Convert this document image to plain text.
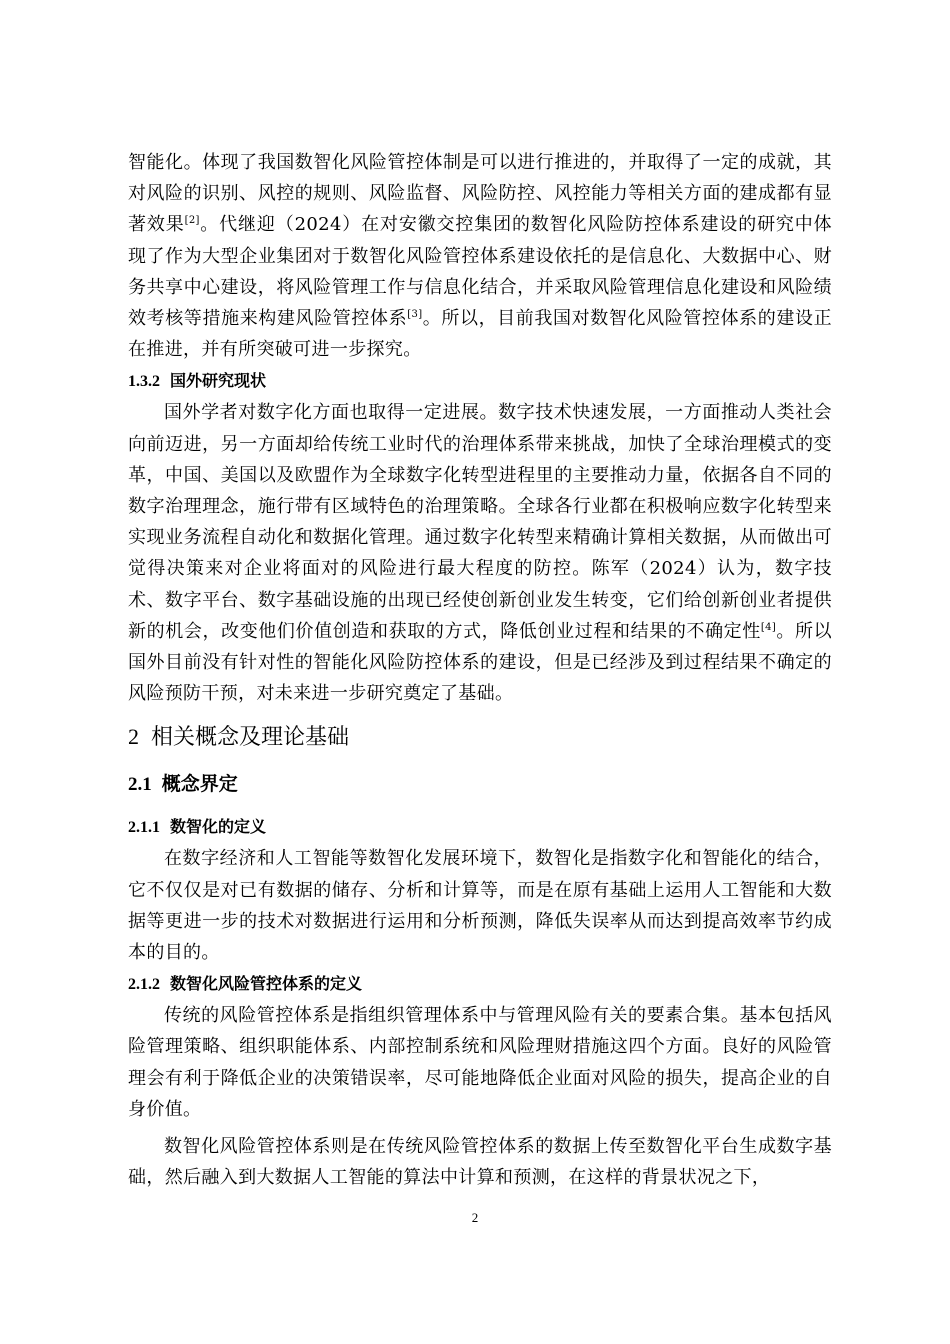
智能化。体现了我国数智化风险管控体制是可以进行推进的，并取得了一定的成就，其对风险的识别、风控的规则、风险监督、风险防控、风控能力等相关方面的建成都有显著效果[2]。代继迎（2024）在对安徽交控集团的数智化风险防控体系建设的研究中体现了作为大型企业集团对于数智化风险管控体系建设依托的是信息化、大数据中心、财务共享中心建设，将风险管理工作与信息化结合，并采取风险管理信息化建设和风险绩效考核等措施来构建风险管控体系[3]。所以，目前我国对数智化风险管控体系的建设正在推进，并有所突破可进一步探究。

1.3.2 国外研究现状

国外学者对数字化方面也取得一定进展。数字技术快速发展，一方面推动人类社会向前迈进，另一方面却给传统工业时代的治理体系带来挑战，加快了全球治理模式的变革，中国、美国以及欧盟作为全球数字化转型进程里的主要推动力量，依据各自不同的数字治理理念，施行带有区域特色的治理策略。全球各行业都在积极响应数字化转型来实现业务流程自动化和数据化管理。通过数字化转型来精确计算相关数据，从而做出可觉得决策来对企业将面对的风险进行最大程度的防控。陈军（2024）认为，数字技术、数字平台、数字基础设施的出现已经使创新创业发生转变，它们给创新创业者提供新的机会，改变他们价值创造和获取的方式，降低创业过程和结果的不确定性[4]。所以国外目前没有针对性的智能化风险防控体系的建设，但是已经涉及到过程结果不确定的风险预防干预，对未来进一步研究奠定了基础。

2 相关概念及理论基础
2.1 概念界定
2.1.1 数智化的定义

在数字经济和人工智能等数智化发展环境下，数智化是指数字化和智能化的结合，它不仅仅是对已有数据的储存、分析和计算等，而是在原有基础上运用人工智能和大数据等更进一步的技术对数据进行运用和分析预测，降低失误率从而达到提高效率节约成本的目的。

2.1.2 数智化风险管控体系的定义

传统的风险管控体系是指组织管理体系中与管理风险有关的要素合集。基本包括风险管理策略、组织职能体系、内部控制系统和风险理财措施这四个方面。良好的风险管理会有利于降低企业的决策错误率，尽可能地降低企业面对风险的损失，提高企业的自身价值。

数智化风险管控体系则是在传统风险管控体系的数据上传至数智化平台生成数字基础，然后融入到大数据人工智能的算法中计算和预测，在这样的背景状况之下，

2
